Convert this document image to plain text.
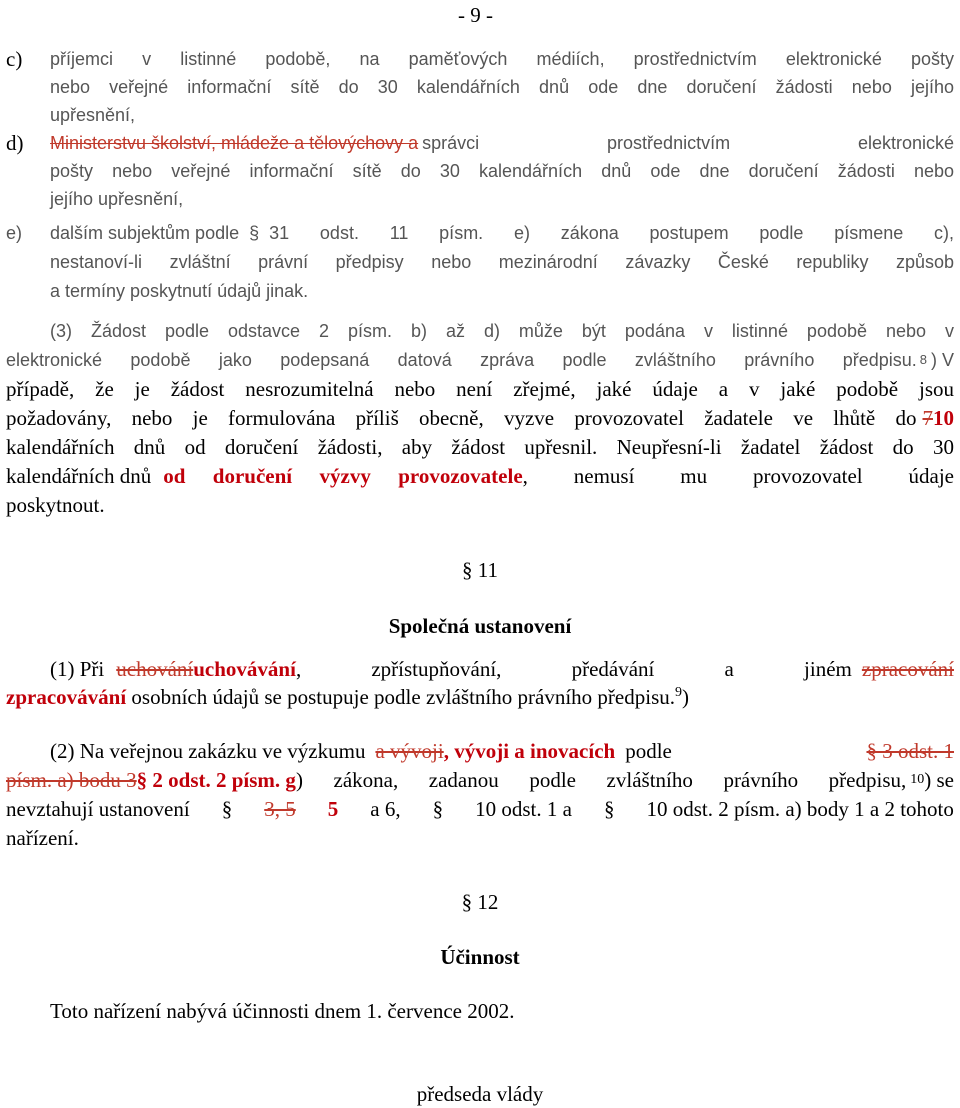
- 9 -
c) příjemci v listinné podobě, na paměťových médiích, prostřednictvím elektronické pošty
nebo veřejné informační sítě do 30 kalendářních dnů ode dne doručení žádosti nebo jejího
upřesnění,
d) Ministerstvu školství, mládeže a tělovýchovy a správci prostřednictvím elektronické
pošty nebo veřejné informační sítě do 30 kalendářních dnů ode dne doručení žádosti nebo
jejího upřesnění,
e) dalším subjektům podle § 31 odst. 11 písm. e) zákona postupem podle písmene c),
nestanoví-li zvláštní právní předpisy nebo mezinárodní závazky České republiky způsob
a termíny poskytnutí údajů jinak.
(3) Žádost podle odstavce 2 písm. b) až d) může být podána v listinné podobě nebo v
elektronické podobě jako podepsaná datová zpráva podle zvláštního právního předpisu. 8 ) V
případě, že je žádost nesrozumitelná nebo není zřejmé, jaké údaje a v jaké podobě jsou
požadovány, nebo je formulována příliš obecně, vyzve provozovatel žadatele ve lhůtě do 7 10
kalendářních dnů od doručení žádosti, aby žádost upřesnil. Neupřesní-li žadatel žádost do 30
kalendářních dnů od doručení výzvy provozovatele , nemusí mu provozovatel údaje
poskytnout.
§ 11
Společná ustanovení
(1) Při uchování uchovávání , zpřístupňování, předávání a jiném zpracování
zpracovávání osobních údajů se postupuje podle zvláštního právního předpisu.$^9$)
(2) Na veřejnou zakázku ve výzkumu a vývoji , vývoji a inovacích podle	§ 3 odst. 1
písm. a) bodu 3 § 2 odst. 2 písm. g ) zákona, zadanou podle zvláštního právního předpisu, 10 ) se
nevztahují ustanovení § 3, 5 5 a 6, § 10 odst. 1 a § 10 odst. 2 písm. a) body 1 a 2 tohoto
nařízení.
§ 12
Účinnost
Toto nařízení nabývá účinnosti dnem 1. července 2002.
předseda vlády
